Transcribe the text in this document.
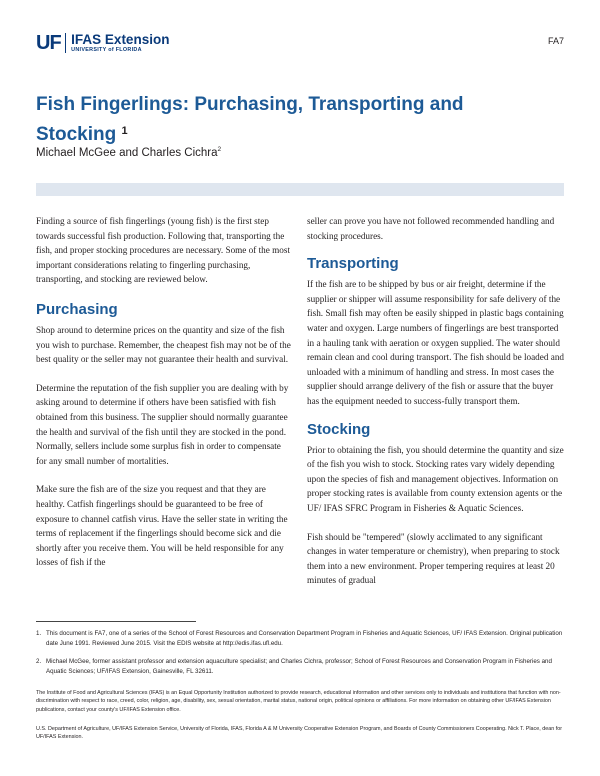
UF IFAS Extension
UNIVERSITY of FLORIDA
FA7
Fish Fingerlings: Purchasing, Transporting and Stocking $^1$
Michael McGee and Charles Cichra$^2$

Finding a source of fish fingerlings (young fish) is the first step towards successful fish production. Following that, transporting the fish, and proper stocking procedures are necessary. Some of the most important considerations relating to fingerling purchasing, transporting, and stocking are reviewed below.

Purchasing

Shop around to determine prices on the quantity and size of the fish you wish to purchase. Remember, the cheapest fish may not be of the best quality or the seller may not guarantee their health and survival.

Determine the reputation of the fish supplier you are dealing with by asking around to determine if others have been satisfied with fish obtained from this business. The supplier should normally guarantee the health and survival of the fish until they are stocked in the pond. Normally, sellers include some surplus fish in order to compensate for any small number of mortalities.

Make sure the fish are of the size you request and that they are healthy. Catfish fingerlings should be guaranteed to be free of exposure to channel catfish virus. Have the seller state in writing the terms of replacement if the fingerlings should become sick and die shortly after you receive them. You will be held responsible for any losses of fish if the

seller can prove you have not followed recommended handling and stocking procedures.

Transporting

If the fish are to be shipped by bus or air freight, determine if the supplier or shipper will assume responsibility for safe delivery of the fish. Small fish may often be easily shipped in plastic bags containing water and oxygen. Large numbers of fingerlings are best transported in a hauling tank with aeration or oxygen supplied. The water should remain clean and cool during transport. The fish should be loaded and unloaded with a minimum of handling and stress. In most cases the supplier should arrange delivery of the fish or assure that the buyer has the equipment needed to success-fully transport them.

Stocking

Prior to obtaining the fish, you should determine the quantity and size of the fish you wish to stock. Stocking rates vary widely depending upon the species of fish and management objectives. Information on proper stocking rates is available from county extension agents or the UF/ IFAS SFRC Program in Fisheries & Aquatic Sciences.

Fish should be "tempered" (slowly acclimated to any significant changes in water temperature or chemistry), when preparing to stock them into a new environment. Proper tempering requires at least 20 minutes of gradual

1. This document is FA7, one of a series of the School of Forest Resources and Conservation Department Program in Fisheries and Aquatic Sciences, UF/ IFAS Extension. Original publication date June 1991. Reviewed June 2015. Visit the EDIS website at http://edis.ifas.ufl.edu.
2. Michael McGee, former assistant professor and extension aquaculture specialist; and Charles Cichra, professor; School of Forest Resources and Conservation Program in Fisheries and Aquatic Sciences; UF/IFAS Extension, Gainesville, FL 32611.

The Institute of Food and Agricultural Sciences (IFAS) is an Equal Opportunity Institution authorized to provide research, educational information and other services only to individuals and institutions that function with non-discrimination with respect to race, creed, color, religion, age, disability, sex, sexual orientation, marital status, national origin, political opinions or affiliations. For more information on obtaining other UF/IFAS Extension publications, contact your county's UF/IFAS Extension office.

U.S. Department of Agriculture, UF/IFAS Extension Service, University of Florida, IFAS, Florida A & M University Cooperative Extension Program, and Boards of County Commissioners Cooperating. Nick T. Place, dean for UF/IFAS Extension.
